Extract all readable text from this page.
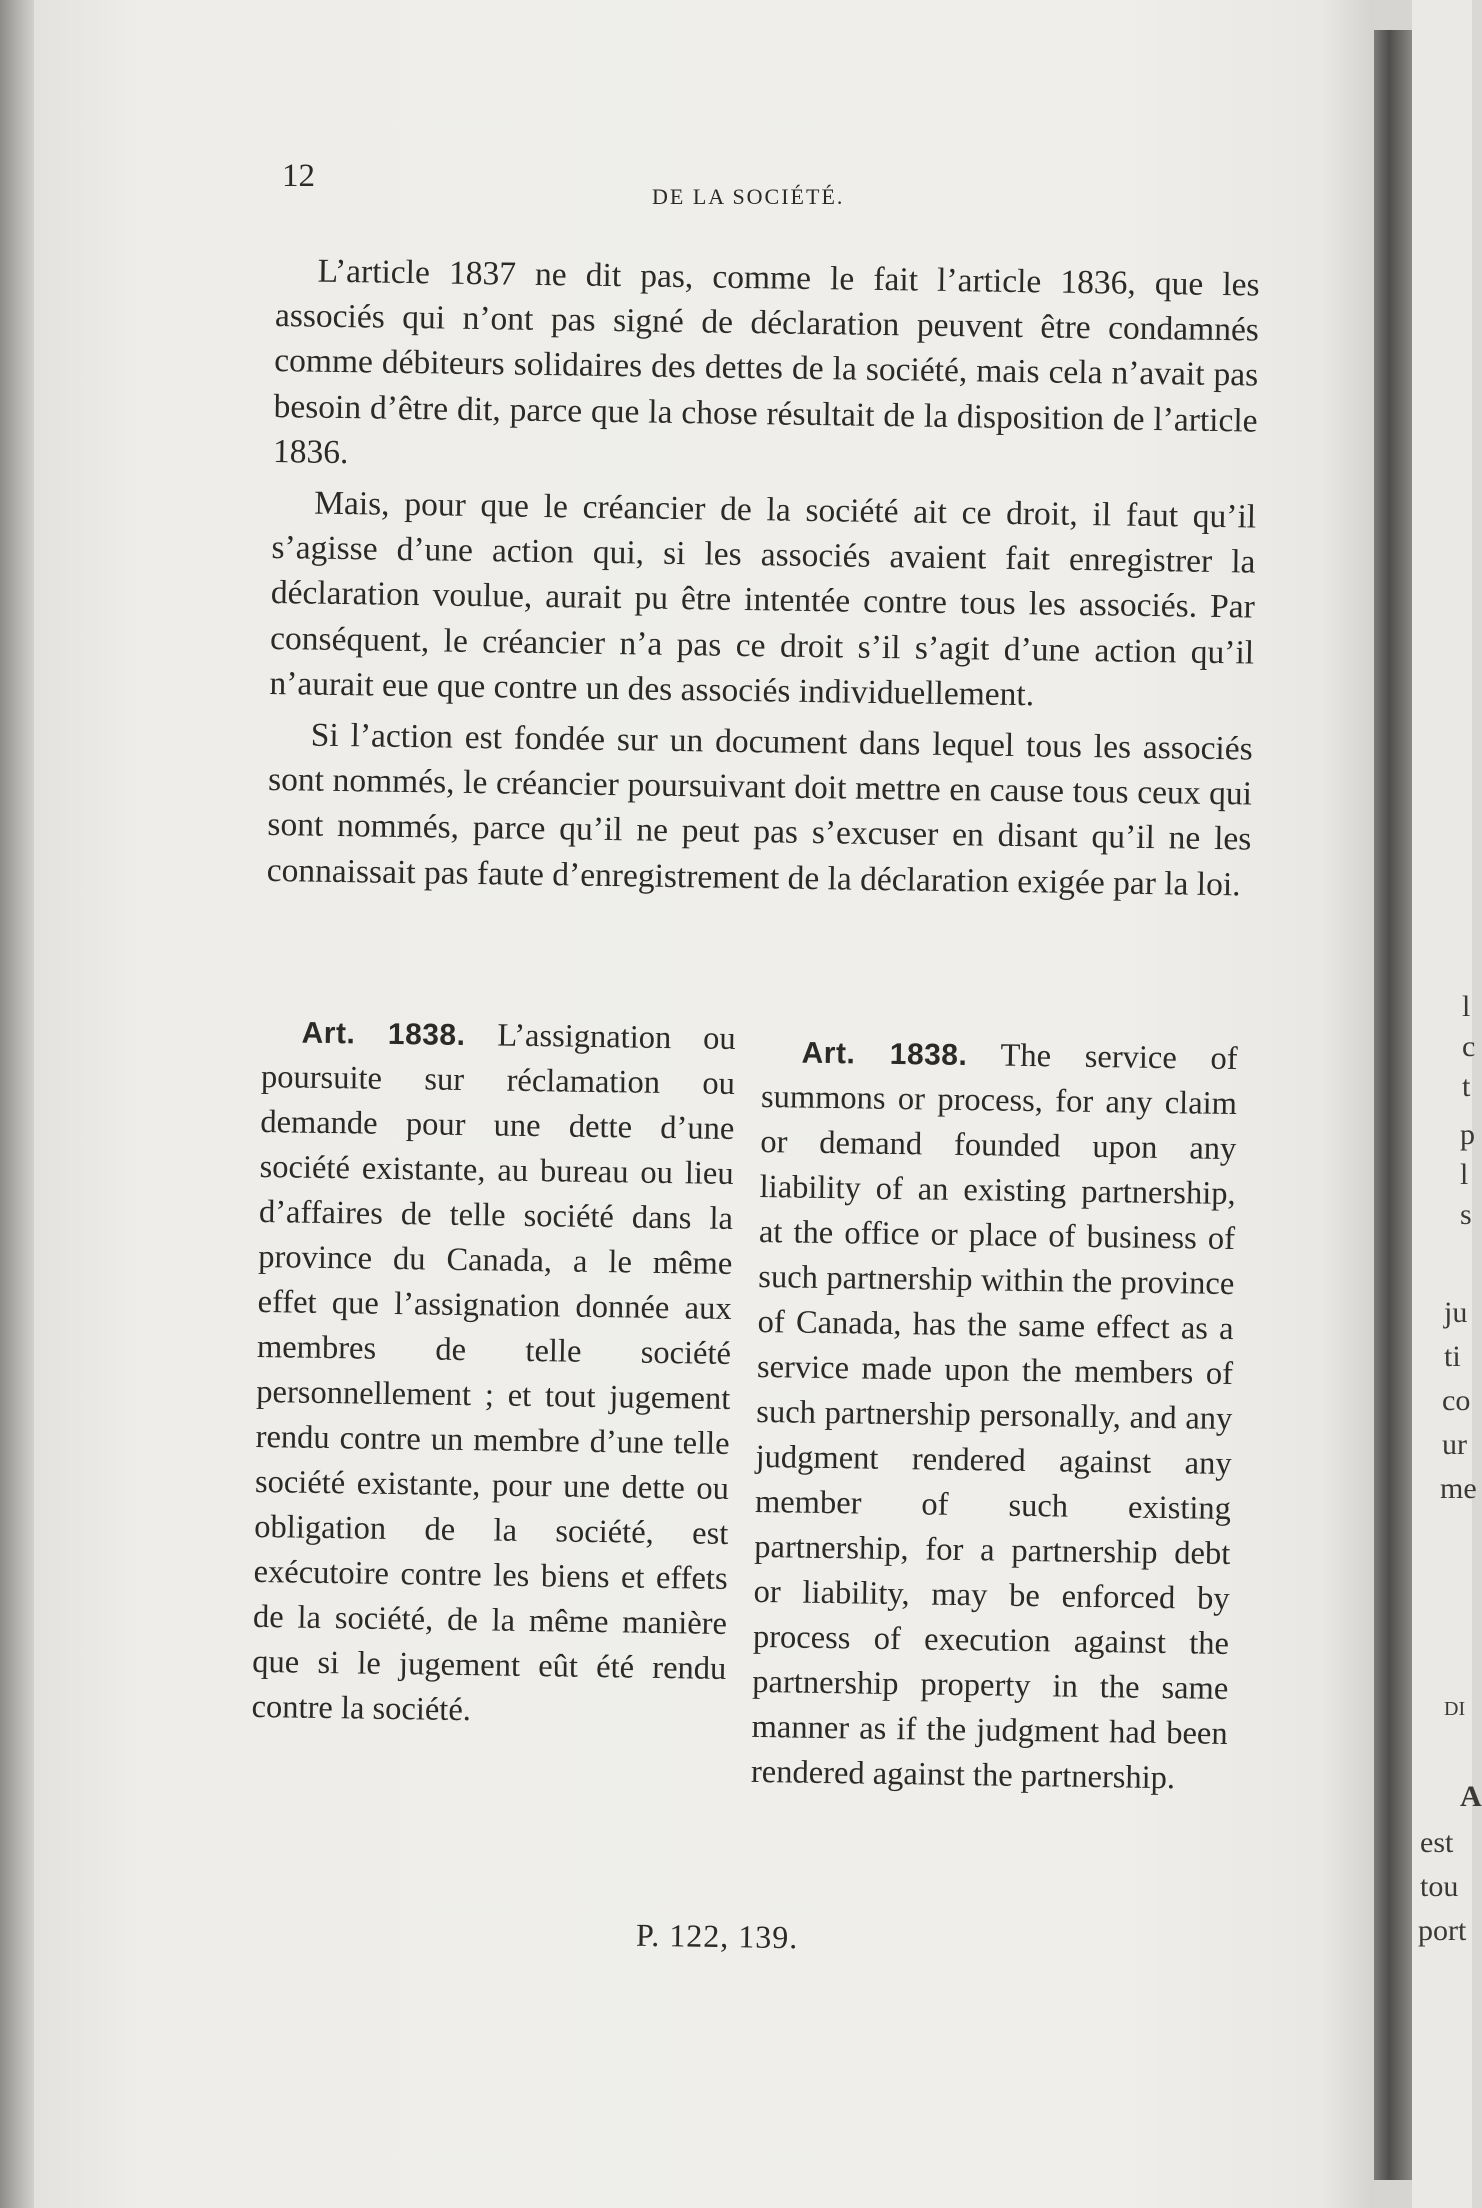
12
DE LA SOCIÉTÉ.

L’article 1837 ne dit pas, comme le fait l’article 1836, que les associés qui n’ont pas signé de déclaration peuvent être condamnés comme débiteurs solidaires des dettes de la société, mais cela n’avait pas besoin d’être dit, parce que la chose résultait de la disposition de l’article 1836.

Mais, pour que le créancier de la société ait ce droit, il faut qu’il s’agisse d’une action qui, si les associés avaient fait enregistrer la déclaration voulue, aurait pu être intentée contre tous les associés. Par conséquent, le créancier n’a pas ce droit s’il s’agit d’une action qu’il n’aurait eue que contre un des associés individuellement.

Si l’action est fondée sur un document dans lequel tous les associés sont nommés, le créancier poursuivant doit mettre en cause tous ceux qui sont nommés, parce qu’il ne peut pas s’excuser en disant qu’il ne les connaissait pas faute d’enregistrement de la déclaration exigée par la loi.

Art. 1838. L’assignation ou poursuite sur réclamation ou demande pour une dette d’une société existante, au bureau ou lieu d’affaires de telle société dans la province du Canada, a le même effet que l’assignation donnée aux membres de telle société personnellement ; et tout jugement rendu contre un membre d’une telle société existante, pour une dette ou obligation de la société, est exécutoire contre les biens et effets de la société, de la même manière que si le jugement eût été rendu contre la société.

Art. 1838. The service of summons or process, for any claim or demand founded upon any liability of an existing partnership, at the office or place of business of such partnership within the province of Canada, has the same effect as a service made upon the members of such partnership personally, and any judgment rendered against any member of such existing partnership, for a partnership debt or liability, may be enforced by process of execution against the partnership property in the same manner as if the judgment had been rendered against the partnership.

P. 122, 139.
l
c
t
p
l
s
ju
ti
co
ur
me
DI
A
est
tou
port
